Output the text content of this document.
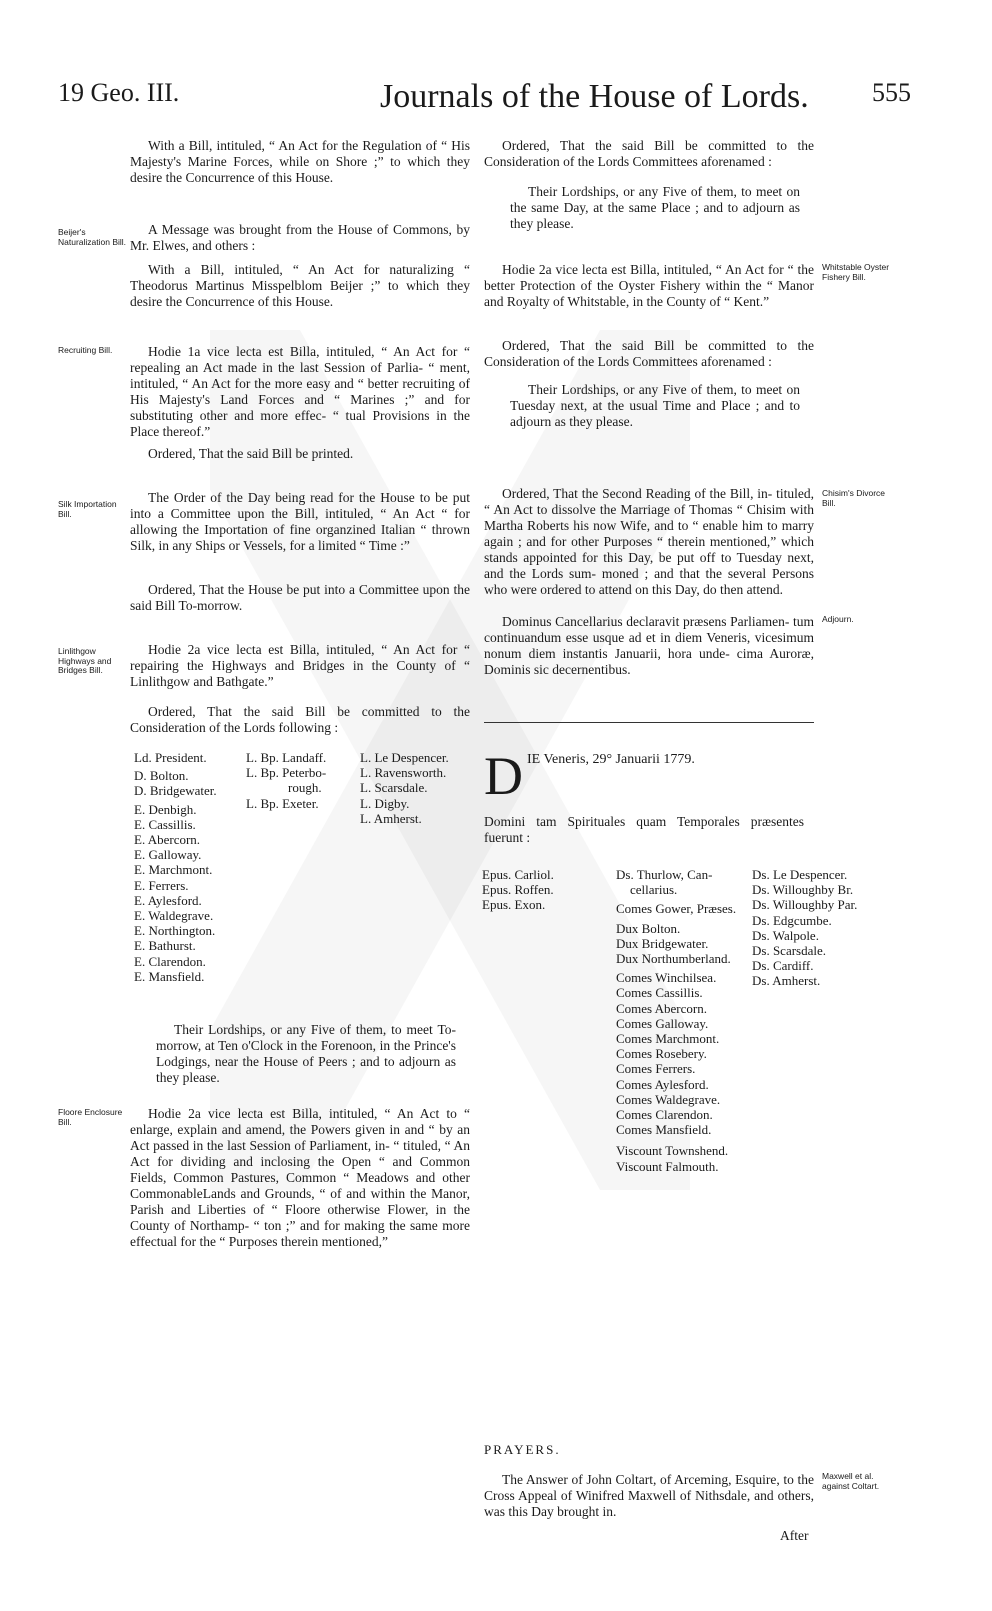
19 Geo. III.	Journals of the House of Lords. 555
Beijer's Naturalization Bill.
Recruiting Bill.
Silk Importation Bill.
Linlithgow Highways and Bridges Bill.
Floore Enclosure Bill.
Whitstable Oyster Fishery Bill.
Chisim's Divorce Bill.
Adjourn.
Maxwell et al. against Coltart.

With a Bill, intituled, “ An Act for the Regulation of “ His Majesty's Marine Forces, while on Shore ;” to which they desire the Concurrence of this House.

A Message was brought from the House of Commons, by Mr. Elwes, and others :

With a Bill, intituled, “ An Act for naturalizing “ Theodorus Martinus Misspelblom Beijer ;” to which they desire the Concurrence of this House.

Hodie 1a vice lecta est Billa, intituled, “ An Act for “ repealing an Act made in the last Session of Parlia- “ ment, intituled, “ An Act for the more easy and “ better recruiting of His Majesty's Land Forces and “ Marines ;” and for substituting other and more effec- “ tual Provisions in the Place thereof.”

Ordered, That the said Bill be printed.

The Order of the Day being read for the House to be put into a Committee upon the Bill, intituled, “ An Act “ for allowing the Importation of fine organzined Italian “ thrown Silk, in any Ships or Vessels, for a limited “ Time :”

Ordered, That the House be put into a Committee upon the said Bill To-morrow.

Hodie 2a vice lecta est Billa, intituled, “ An Act for “ repairing the Highways and Bridges in the County of “ Linlithgow and Bathgate.”

Ordered, That the said Bill be committed to the Consideration of the Lords following :

Ld. President.
D. Bolton.
D. Bridgewater.
E. Denbigh.
E. Cassillis.
E. Abercorn.
E. Galloway.
E. Marchmont.
E. Ferrers.
E. Aylesford.
E. Waldegrave.
E. Northington.
E. Bathurst.
E. Clarendon.
E. Mansfield.
L. Bp. Landaff.
L. Bp. Peterbo-
rough.
L. Bp. Exeter.
L. Le Despencer.
L. Ravensworth.
L. Scarsdale.
L. Digby.
L. Amherst.

Their Lordships, or any Five of them, to meet To- morrow, at Ten o'Clock in the Forenoon, in the Prince's Lodgings, near the House of Peers ; and to adjourn as they please.

Hodie 2a vice lecta est Billa, intituled, “ An Act to “ enlarge, explain and amend, the Powers given in and “ by an Act passed in the last Session of Parliament, in- “ tituled, “ An Act for dividing and inclosing the Open “ and Common Fields, Common Pastures, Common “ Meadows and other CommonableLands and Grounds, “ of and within the Manor, Parish and Liberties of “ Floore otherwise Flower, in the County of Northamp- “ ton ;” and for making the same more effectual for the “ Purposes therein mentioned,”

Ordered, That the said Bill be committed to the Consideration of the Lords Committees aforenamed :

Their Lordships, or any Five of them, to meet on the same Day, at the same Place ; and to adjourn as they please.

Hodie 2a vice lecta est Billa, intituled, “ An Act for “ the better Protection of the Oyster Fishery within the “ Manor and Royalty of Whitstable, in the County of “ Kent.”

Ordered, That the said Bill be committed to the Consideration of the Lords Committees aforenamed :

Their Lordships, or any Five of them, to meet on Tuesday next, at the usual Time and Place ; and to adjourn as they please.

Ordered, That the Second Reading of the Bill, in- tituled, “ An Act to dissolve the Marriage of Thomas “ Chisim with Martha Roberts his now Wife, and to “ enable him to marry again ; and for other Purposes “ therein mentioned,” which stands appointed for this Day, be put off to Tuesday next, and the Lords sum- moned ; and that the several Persons who were ordered to attend on this Day, do then attend.

Dominus Cancellarius declaravit præsens Parliamen- tum continuandum esse usque ad et in diem Veneris, vicesimum nonum diem instantis Januarii, hora unde- cima Auroræ, Dominis sic decernentibus.

D IE Veneris, 29° Januarii 1779.

Domini tam Spirituales quam Temporales præsentes fuerunt :

Epus. Carliol.
Epus. Roffen.
Epus. Exon.
Ds. Thurlow, Can-
cellarius.
Comes Gower, Præses.
Dux Bolton.
Dux Bridgewater.
Dux Northumberland.
Comes Winchilsea.
Comes Cassillis.
Comes Abercorn.
Comes Galloway.
Comes Marchmont.
Comes Rosebery.
Comes Ferrers.
Comes Aylesford.
Comes Waldegrave.
Comes Clarendon.
Comes Mansfield.
Viscount Townshend.
Viscount Falmouth.
Ds. Le Despencer.
Ds. Willoughby Br.
Ds. Willoughby Par.
Ds. Edgcumbe.
Ds. Walpole.
Ds. Scarsdale.
Ds. Cardiff.
Ds. Amherst.
PRAYERS.

The Answer of John Coltart, of Arceming, Esquire, to the Cross Appeal of Winifred Maxwell of Nithsdale, and others, was this Day brought in.

After
